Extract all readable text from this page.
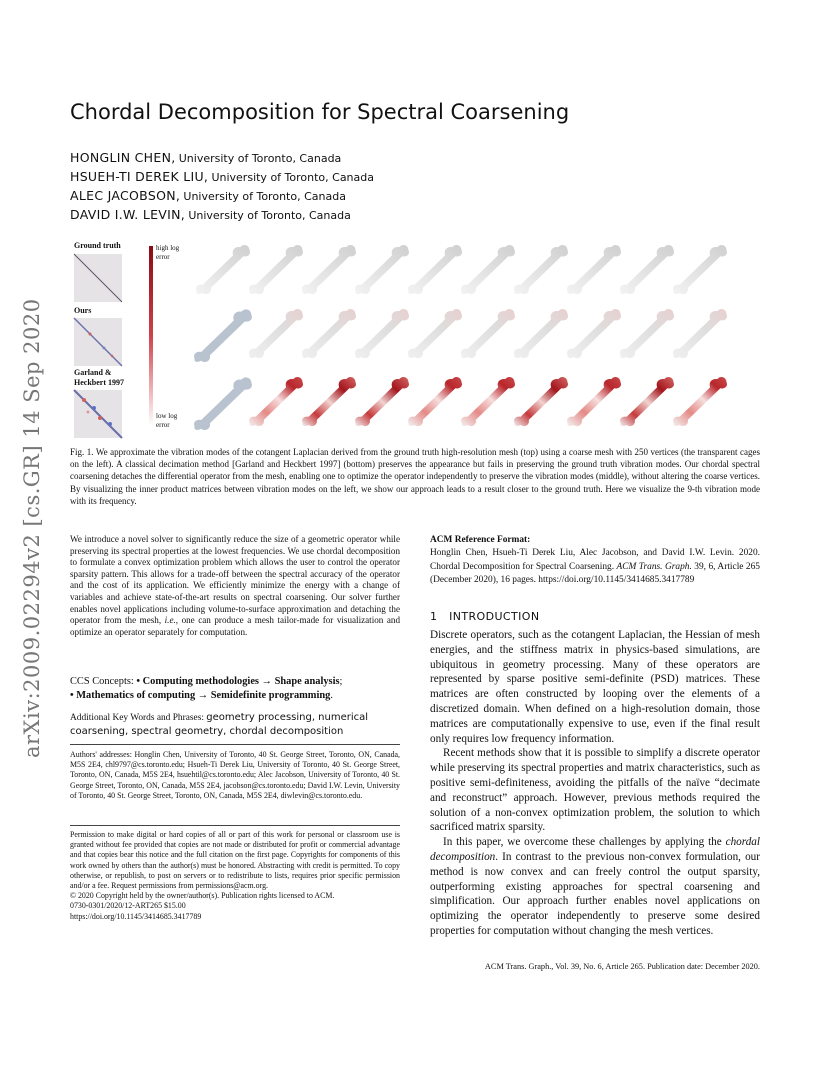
arXiv:2009.02294v2 [cs.GR] 14 Sep 2020
Chordal Decomposition for Spectral Coarsening
HONGLIN CHEN, University of Toronto, Canada
HSUEH-TI DEREK LIU, University of Toronto, Canada
ALEC JACOBSON, University of Toronto, Canada
DAVID I.W. LEVIN, University of Toronto, Canada
Ground truth
Ours
Garland &
Heckbert 1997
high log
error
low log
error
Fig. 1. We approximate the vibration modes of the cotangent Laplacian derived from the ground truth high-resolution mesh (top) using a coarse mesh with 250 vertices (the transparent cages on the left). A classical decimation method [Garland and Heckbert 1997] (bottom) preserves the appearance but fails in preserving the ground truth vibration modes. Our chordal spectral coarsening detaches the differential operator from the mesh, enabling one to optimize the operator independently to preserve the vibration modes (middle), without altering the coarse vertices. By visualizing the inner product matrices between vibration modes on the left, we show our approach leads to a result closer to the ground truth. Here we visualize the 9-th vibration mode with its frequency.

We introduce a novel solver to significantly reduce the size of a geometric operator while preserving its spectral properties at the lowest frequencies. We use chordal decomposition to formulate a convex optimization problem which allows the user to control the operator sparsity pattern. This allows for a trade-off between the spectral accuracy of the operator and the cost of its application. We efficiently minimize the energy with a change of variables and achieve state-of-the-art results on spectral coarsening. Our solver further enables novel applications including volume-to-surface approximation and detaching the operator from the mesh, i.e., one can produce a mesh tailor-made for visualization and optimize an operator separately for computation.

CCS Concepts: • Computing methodologies → Shape analysis;
• Mathematics of computing → Semidefinite programming.
Additional Key Words and Phrases: geometry processing, numerical coarsening, spectral geometry, chordal decomposition
Authors' addresses: Honglin Chen, University of Toronto, 40 St. George Street, Toronto, ON, Canada, M5S 2E4, chl9797@cs.toronto.edu; Hsueh-Ti Derek Liu, University of Toronto, 40 St. George Street, Toronto, ON, Canada, M5S 2E4, hsuehtil@cs.toronto.edu; Alec Jacobson, University of Toronto, 40 St. George Street, Toronto, ON, Canada, M5S 2E4, jacobson@cs.toronto.edu; David I.W. Levin, University of Toronto, 40 St. George Street, Toronto, ON, Canada, M5S 2E4, diwlevin@cs.toronto.edu.

Permission to make digital or hard copies of all or part of this work for personal or classroom use is granted without fee provided that copies are not made or distributed for profit or commercial advantage and that copies bear this notice and the full citation on the first page. Copyrights for components of this work owned by others than the author(s) must be honored. Abstracting with credit is permitted. To copy otherwise, or republish, to post on servers or to redistribute to lists, requires prior specific permission and/or a fee. Request permissions from permissions@acm.org.

© 2020 Copyright held by the owner/author(s). Publication rights licensed to ACM.

0730-0301/2020/12-ART265 $15.00

https://doi.org/10.1145/3414685.3417789

ACM Reference Format:

Honglin Chen, Hsueh-Ti Derek Liu, Alec Jacobson, and David I.W. Levin. 2020. Chordal Decomposition for Spectral Coarsening. ACM Trans. Graph. 39, 6, Article 265 (December 2020), 16 pages. https://doi.org/10.1145/3414685.3417789

1 INTRODUCTION

Discrete operators, such as the cotangent Laplacian, the Hessian of mesh energies, and the stiffness matrix in physics-based simulations, are ubiquitous in geometry processing. Many of these operators are represented by sparse positive semi-definite (PSD) matrices. These matrices are often constructed by looping over the elements of a discretized domain. When defined on a high-resolution domain, those matrices are computationally expensive to use, even if the final result only requires low frequency information.

Recent methods show that it is possible to simplify a discrete operator while preserving its spectral properties and matrix characteristics, such as positive semi-definiteness, avoiding the pitfalls of the naïve “decimate and reconstruct” approach. However, previous methods required the solution of a non-convex optimization problem, the solution to which sacrificed matrix sparsity.

In this paper, we overcome these challenges by applying the chordal decomposition. In contrast to the previous non-convex formulation, our method is now convex and can freely control the output sparsity, outperforming existing approaches for spectral coarsening and simplification. Our approach further enables novel applications on optimizing the operator independently to preserve some desired properties for computation without changing the mesh vertices.

ACM Trans. Graph., Vol. 39, No. 6, Article 265. Publication date: December 2020.
